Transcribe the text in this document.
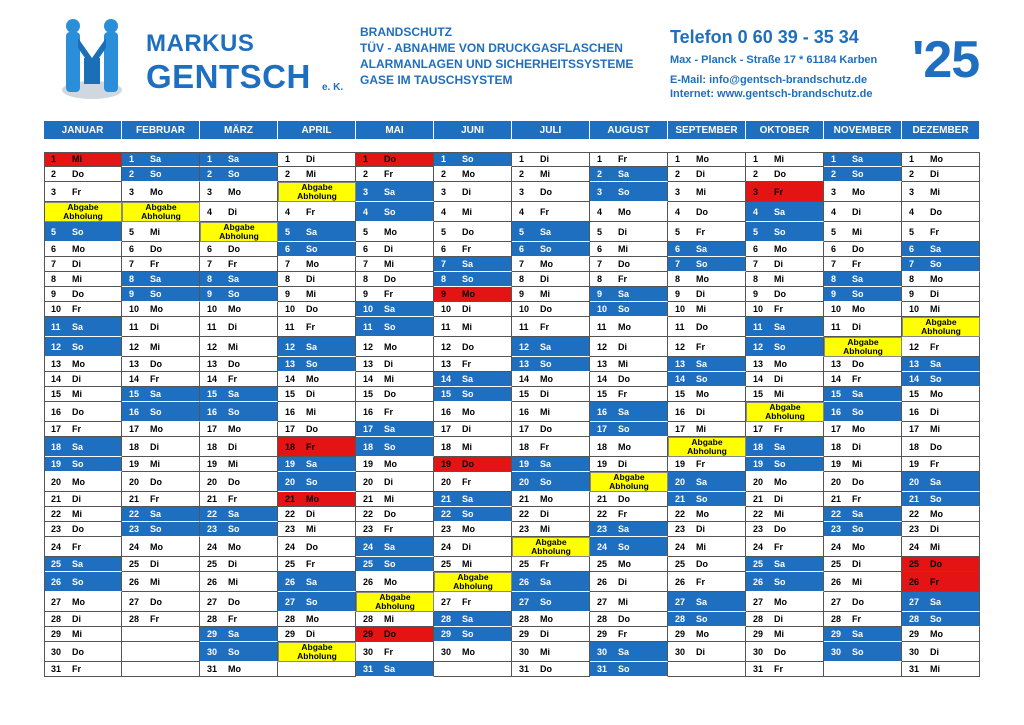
MARKUS
GENTSCH e. K.
BRANDSCHUTZ
TÜV - ABNAHME VON DRUCKGASFLASCHEN
ALARMANLAGEN UND SICHERHEITSSYSTEME
GASE IM TAUSCHSYSTEM
Telefon 0 60 39 - 35 34
Max - Planck - Straße 17 * 61184 Karben
E-Mail: info@gentsch-brandschutz.de
Internet: www.gentsch-brandschutz.de
'25
JANUAR
1 Mi
2 Do
3 Fr
Abgabe
Abholung
5 So
6 Mo
7 Di
8 Mi
9 Do
10 Fr
11 Sa
12 So
13 Mo
14 Di
15 Mi
16 Do
17 Fr
18 Sa
19 So
20 Mo
21 Di
22 Mi
23 Do
24 Fr
25 Sa
26 So
27 Mo
28 Di
29 Mi
30 Do
31 Fr
FEBRUAR
1 Sa
2 So
3 Mo
Abgabe
Abholung
5 Mi
6 Do
7 Fr
8 Sa
9 So
10 Mo
11 Di
12 Mi
13 Do
14 Fr
15 Sa
16 So
17 Mo
18 Di
19 Mi
20 Do
21 Fr
22 Sa
23 So
24 Mo
25 Di
26 Mi
27 Do
28 Fr
MÄRZ
1 Sa
2 So
3 Mo
4 Di
Abgabe
Abholung
6 Do
7 Fr
8 Sa
9 So
10 Mo
11 Di
12 Mi
13 Do
14 Fr
15 Sa
16 So
17 Mo
18 Di
19 Mi
20 Do
21 Fr
22 Sa
23 So
24 Mo
25 Di
26 Mi
27 Do
28 Fr
29 Sa
30 So
31 Mo
APRIL
1 Di
2 Mi
Abgabe
Abholung
4 Fr
5 Sa
6 So
7 Mo
8 Di
9 Mi
10 Do
11 Fr
12 Sa
13 So
14 Mo
15 Di
16 Mi
17 Do
18 Fr
19 Sa
20 So
21 Mo
22 Di
23 Mi
24 Do
25 Fr
26 Sa
27 So
28 Mo
29 Di
Abgabe
Abholung
MAI
1 Do
2 Fr
3 Sa
4 So
5 Mo
6 Di
7 Mi
8 Do
9 Fr
10 Sa
11 So
12 Mo
13 Di
14 Mi
15 Do
16 Fr
17 Sa
18 So
19 Mo
20 Di
21 Mi
22 Do
23 Fr
24 Sa
25 So
26 Mo
Abgabe
Abholung
28 Mi
29 Do
30 Fr
31 Sa
JUNI
1 So
2 Mo
3 Di
4 Mi
5 Do
6 Fr
7 Sa
8 So
9 Mo
10 Di
11 Mi
12 Do
13 Fr
14 Sa
15 So
16 Mo
17 Di
18 Mi
19 Do
20 Fr
21 Sa
22 So
23 Mo
24 Di
25 Mi
Abgabe
Abholung
27 Fr
28 Sa
29 So
30 Mo
JULI
1 Di
2 Mi
3 Do
4 Fr
5 Sa
6 So
7 Mo
8 Di
9 Mi
10 Do
11 Fr
12 Sa
13 So
14 Mo
15 Di
16 Mi
17 Do
18 Fr
19 Sa
20 So
21 Mo
22 Di
23 Mi
Abgabe
Abholung
25 Fr
26 Sa
27 So
28 Mo
29 Di
30 Mi
31 Do
AUGUST
1 Fr
2 Sa
3 So
4 Mo
5 Di
6 Mi
7 Do
8 Fr
9 Sa
10 So
11 Mo
12 Di
13 Mi
14 Do
15 Fr
16 Sa
17 So
18 Mo
19 Di
Abgabe
Abholung
21 Do
22 Fr
23 Sa
24 So
25 Mo
26 Di
27 Mi
28 Do
29 Fr
30 Sa
31 So
SEPTEMBER
1 Mo
2 Di
3 Mi
4 Do
5 Fr
6 Sa
7 So
8 Mo
9 Di
10 Mi
11 Do
12 Fr
13 Sa
14 So
15 Mo
16 Di
17 Mi
Abgabe
Abholung
19 Fr
20 Sa
21 So
22 Mo
23 Di
24 Mi
25 Do
26 Fr
27 Sa
28 So
29 Mo
30 Di
OKTOBER
1 Mi
2 Do
3 Fr
4 Sa
5 So
6 Mo
7 Di
8 Mi
9 Do
10 Fr
11 Sa
12 So
13 Mo
14 Di
15 Mi
Abgabe
Abholung
17 Fr
18 Sa
19 So
20 Mo
21 Di
22 Mi
23 Do
24 Fr
25 Sa
26 So
27 Mo
28 Di
29 Mi
30 Do
31 Fr
NOVEMBER
1 Sa
2 So
3 Mo
4 Di
5 Mi
6 Do
7 Fr
8 Sa
9 So
10 Mo
11 Di
Abgabe
Abholung
13 Do
14 Fr
15 Sa
16 So
17 Mo
18 Di
19 Mi
20 Do
21 Fr
22 Sa
23 So
24 Mo
25 Di
26 Mi
27 Do
28 Fr
29 Sa
30 So
DEZEMBER
1 Mo
2 Di
3 Mi
4 Do
5 Fr
6 Sa
7 So
8 Mo
9 Di
10 Mi
Abgabe
Abholung
12 Fr
13 Sa
14 So
15 Mo
16 Di
17 Mi
18 Do
19 Fr
20 Sa
21 So
22 Mo
23 Di
24 Mi
25 Do
26 Fr
27 Sa
28 So
29 Mo
30 Di
31 Mi
